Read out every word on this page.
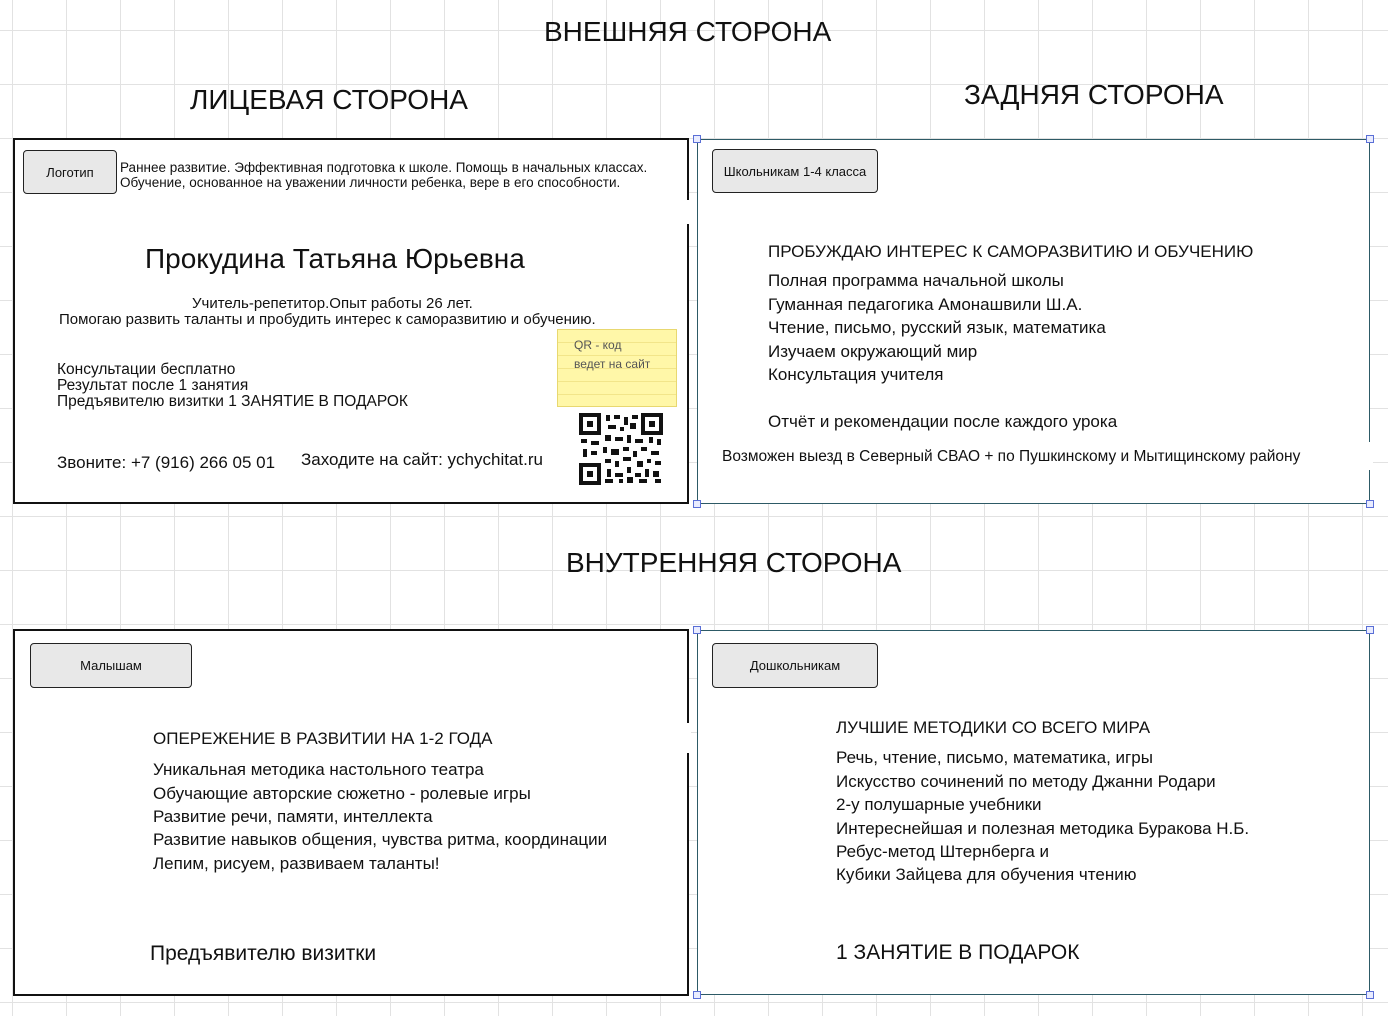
ВНЕШНЯЯ СТОРОНА
ЛИЦЕВАЯ СТОРОНА	ЗАДНЯЯ СТОРОНА
ВНУТРЕННЯЯ СТОРОНА
Логотип	Раннее развитие. Эффективная подготовка к школе. Помощь в начальных классах.
Обучение, основанное на уважении личности ребенка, вере в его способности.
Прокудина Татьяна Юрьевна
Учитель-репетитор.Опыт работы 26 лет.
Помогаю развить таланты и пробудить интерес к саморазвитию и обучению.
Консультации бесплатно
Результат после 1 занятия
Предъявителю визитки 1 ЗАНЯТИЕ В ПОДАРОК
Звоните: +7 (916) 266 05 01 Заходите на сайт: ychychitat.ru
QR - код
ведет на сайт
Школьникам 1-4 класса
ПРОБУЖДАЮ ИНТЕРЕС К САМОРАЗВИТИЮ И ОБУЧЕНИЮ
Полная программа начальной школы
Гуманная педагогика Амонашвили Ш.А.
Чтение, письмо, русский язык, математика
Изучаем окружающий мир
Консультация учителя
Отчёт и рекомендации после каждого урока
Возможен выезд в Северный СВАО + по Пушкинскому и Мытищинскому району
Малышам
ОПЕРЕЖЕНИЕ В РАЗВИТИИ НА 1-2 ГОДА
Уникальная методика настольного театра
Обучающие авторские сюжетно - ролевые игры
Развитие речи, памяти, интеллекта
Развитие навыков общения, чувства ритма, координации
Лепим, рисуем, развиваем таланты!
Предъявителю визитки
Дошкольникам
ЛУЧШИЕ МЕТОДИКИ СО ВСЕГО МИРА
Речь, чтение, письмо, математика, игры
Искусство сочинений по методу Джанни Родари
2-у полушарные учебники
Интереснейшая и полезная методика Буракова Н.Б.
Ребус-метод Штернберга и
Кубики Зайцева для обучения чтению
1 ЗАНЯТИЕ В ПОДАРОК
